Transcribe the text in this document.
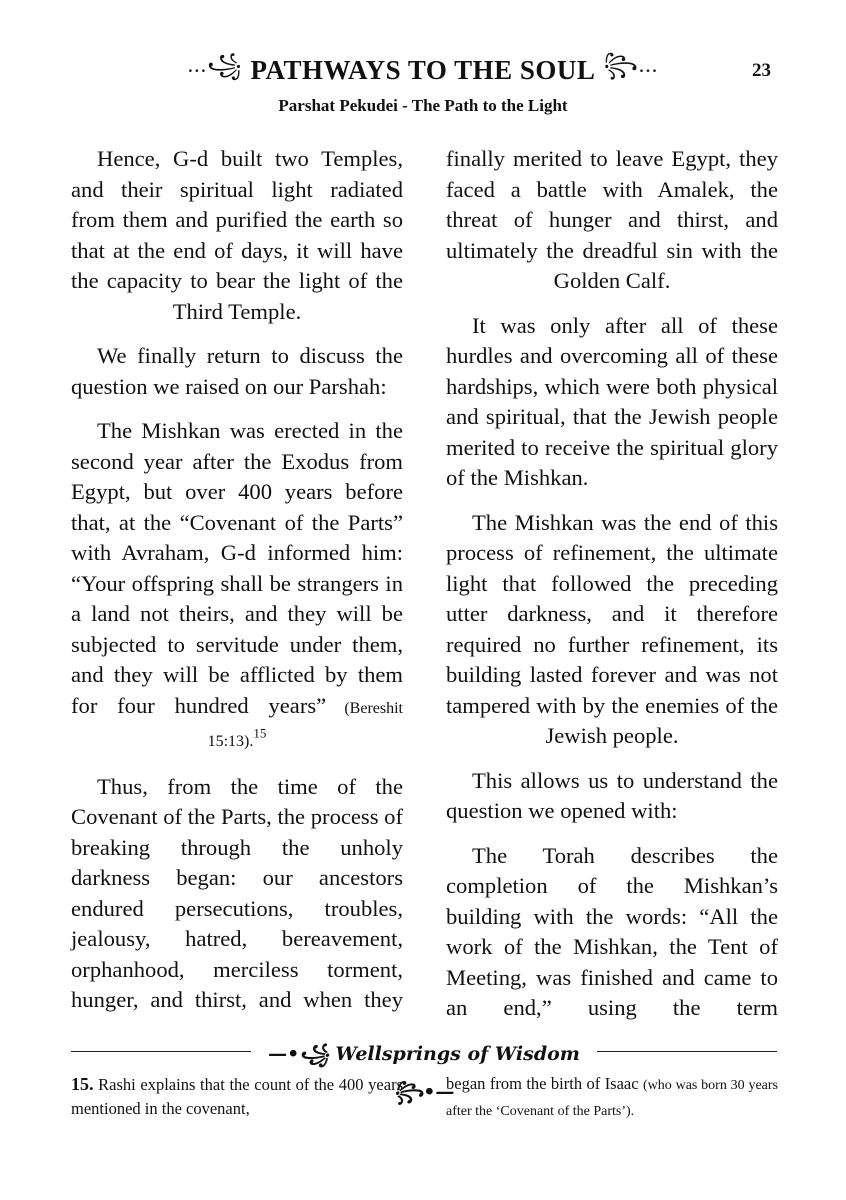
...꧁ PATHWAYS TO THE SOUL ꧂...	23
Parshat Pekudei - The Path to the Light

Hence, G-d built two Temples, and their spiritual light radiated from them and purified the earth so that at the end of days, it will have the capacity to bear the light of the Third Temple.

We finally return to discuss the question we raised on our Parshah:

The Mishkan was erected in the second year after the Exodus from Egypt, but over 400 years before that, at the “Covenant of the Parts” with Avraham, G-d informed him: “Your offspring shall be strangers in a land not theirs, and they will be subjected to servitude under them, and they will be afflicted by them for four hundred years” (Bereshit 15:13).$^{15}$

Thus, from the time of the Covenant of the Parts, the process of breaking through the unholy darkness began: our ancestors endured persecutions, troubles, jealousy, hatred, bereavement, orphanhood, merciless torment, hunger, and thirst, and when they

finally merited to leave Egypt, they faced a battle with Amalek, the threat of hunger and thirst, and ultimately the dreadful sin with the Golden Calf.

It was only after all of these hurdles and overcoming all of these hardships, which were both physical and spiritual, that the Jewish people merited to receive the spiritual glory of the Mishkan.

The Mishkan was the end of this process of refinement, the ultimate light that followed the preceding utter darkness, and it therefore required no further refinement, its building lasted forever and was not tampered with by the enemies of the Jewish people.

This allows us to understand the question we opened with:

The Torah describes the completion of the Mishkan’s building with the words: “All the work of the Mishkan, the Tent of Meeting, was finished and came to an end,” using the term

—•꧁ Wellsprings of Wisdom ꧂•—
15. Rashi explains that the count of the 400 years mentioned in the covenant,
began from the birth of Isaac (who was born 30 years after the ‘Covenant of the Parts’).
